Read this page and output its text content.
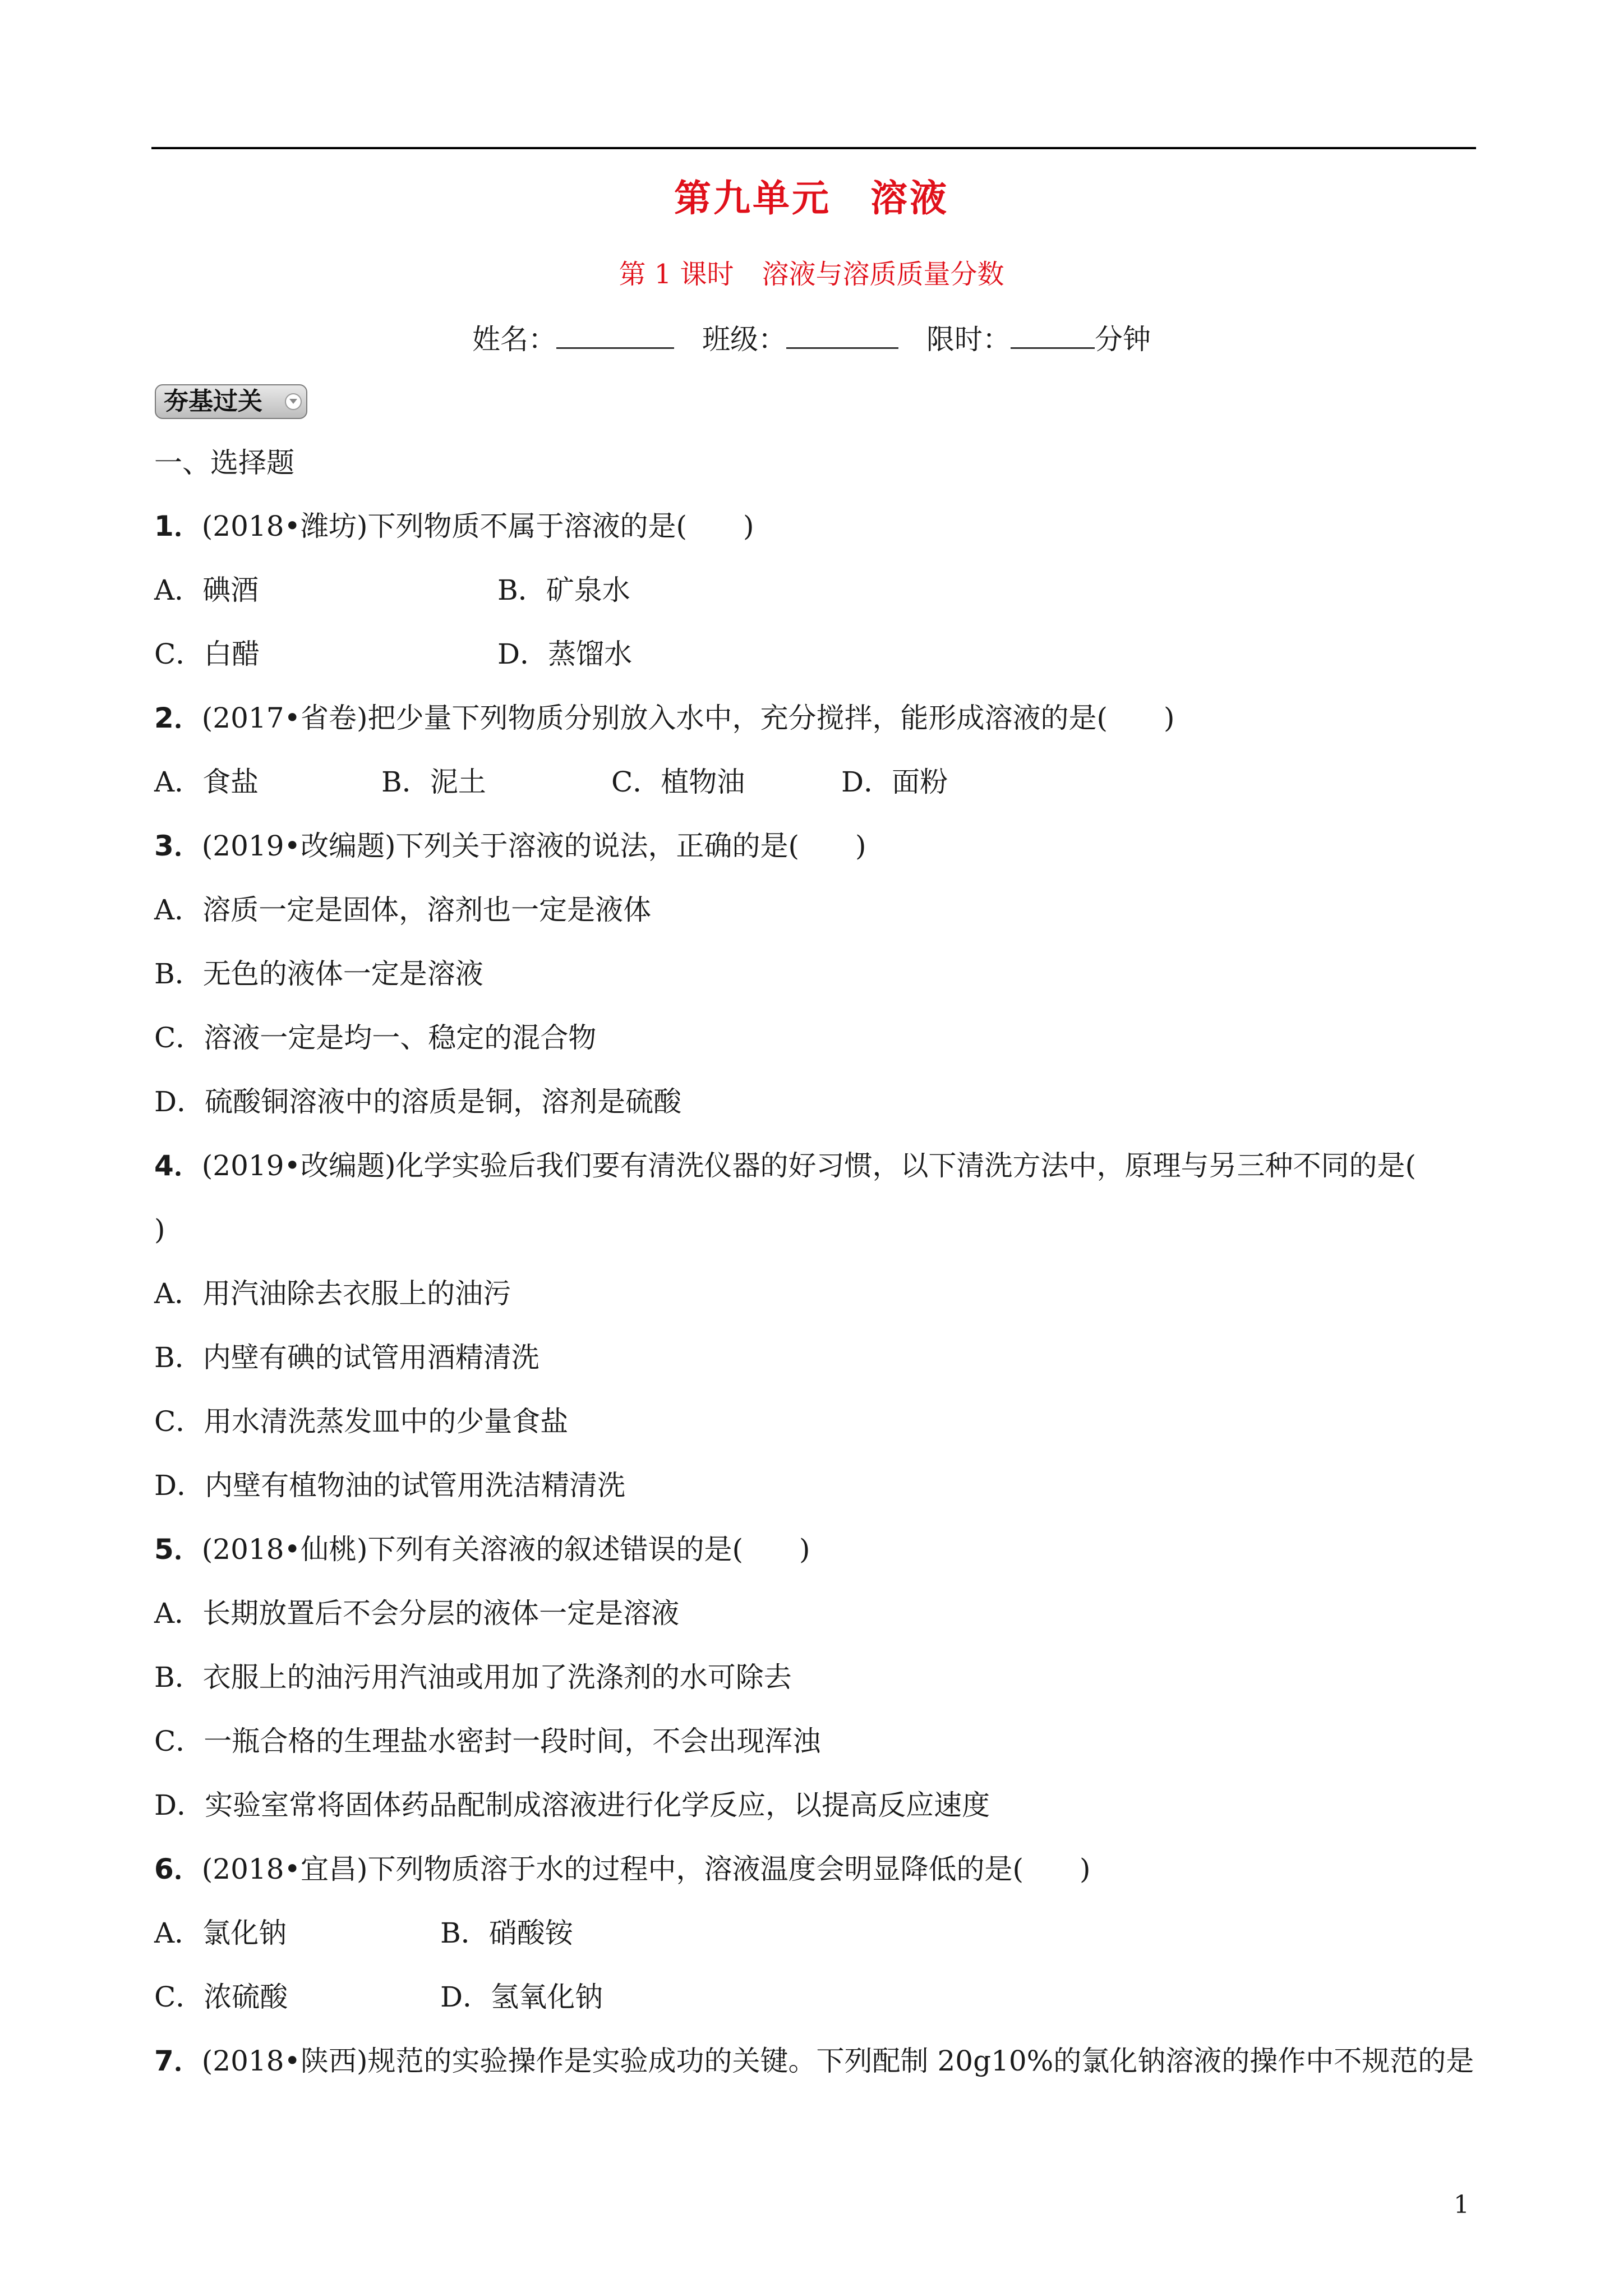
第九单元 溶液
第 1 课时 溶液与溶质质量分数
姓名：	班级：	限时：	分钟
夯基过关
一、选择题
1．(2018•潍坊)下列物质不属于溶液的是(　　)
A．碘酒	B．矿泉水
C．白醋	D．蒸馏水
2．(2017•省卷)把少量下列物质分别放入水中，充分搅拌，能形成溶液的是(　　)
A．食盐	B．泥土	C．植物油	D．面粉
3．(2019•改编题)下列关于溶液的说法，正确的是(　　)
A．溶质一定是固体，溶剂也一定是液体
B．无色的液体一定是溶液
C．溶液一定是均一、稳定的混合物
D．硫酸铜溶液中的溶质是铜，溶剂是硫酸
4．(2019•改编题)化学实验后我们要有清洗仪器的好习惯，以下清洗方法中，原理与另三种不同的是(
)
A．用汽油除去衣服上的油污
B．内壁有碘的试管用酒精清洗
C．用水清洗蒸发皿中的少量食盐
D．内壁有植物油的试管用洗洁精清洗
5．(2018•仙桃)下列有关溶液的叙述错误的是(　　)
A．长期放置后不会分层的液体一定是溶液
B．衣服上的油污用汽油或用加了洗涤剂的水可除去
C．一瓶合格的生理盐水密封一段时间，不会出现浑浊
D．实验室常将固体药品配制成溶液进行化学反应，以提高反应速度
6．(2018•宜昌)下列物质溶于水的过程中，溶液温度会明显降低的是(　　)
A．氯化钠	B．硝酸铵
C．浓硫酸	D．氢氧化钠
7．(2018•陕西)规范的实验操作是实验成功的关键。下列配制 20g10%的氯化钠溶液的操作中不规范的是
1
